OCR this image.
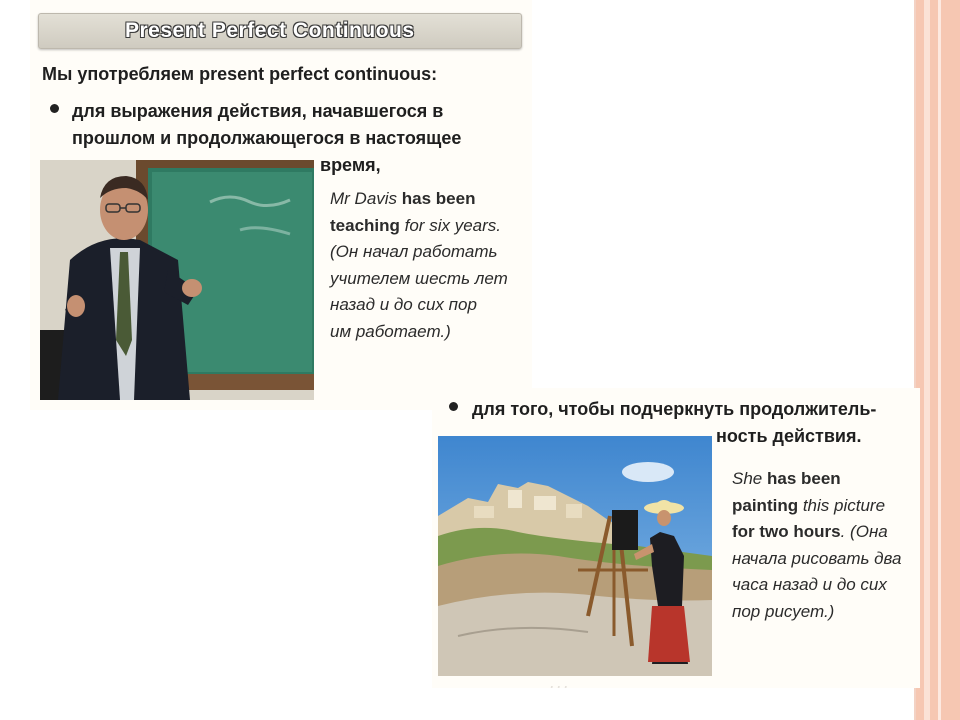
Present Perfect Continuous
Мы употребляем present perfect continuous:
для выражения действия, начавшегося в
прошлом и продолжающегося в настоящее
время,
Mr Davis has been
teaching for six years.
(Он начал работать
учителем шесть лет
назад и до сих пор
им работает.)
для того, чтобы подчеркнуть продолжитель-
ность действия.
She has been
painting this picture
for two hours. (Она
начала рисовать два
часа назад и до сих
пор рисует.)
...
